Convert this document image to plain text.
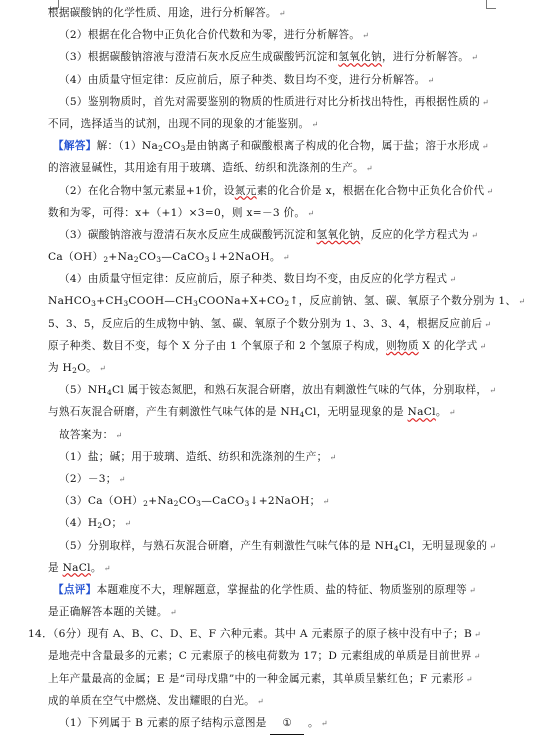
根据碳酸钠的化学性质、用途，进行分析解答。 ↵
（2）根据在化合物中正负化合价代数和为零，进行分析解答。 ↵
（3）根据碳酸钠溶液与澄清石灰水反应生成碳酸钙沉淀和氢氧化钠，进行分析解答。 ↵
（4）由质量守恒定律：反应前后，原子种类、数目均不变，进行分析解答。 ↵
（5）鉴别物质时，首先对需要鉴别的物质的性质进行对比分析找出特性，再根据性质的 ↵
不同，选择适当的试剂，出现不同的现象的才能鉴别。 ↵
【解答】解：$(1)Na_2CO_3$是由钠离子和碳酸根离子构成的化合物，属于盐；溶于水形成 ↵
的溶液显碱性，其用途有用于玻璃、造纸、纺织和洗涤剂的生产。 ↵
（2）在化合物中氢元素显+1价，设氮元素的化合价是 x，根据在化合物中正负化合价代 ↵
数和为零，可得：x+（+1）×3=0，则 x=－3 价。 ↵
（3）碳酸钠溶液与澄清石灰水反应生成碳酸钙沉淀和氢氧化钠，反应的化学方程式为 ↵
$Ca(OH)_2+Na_2CO_3—CaCO_3↓+2NaOH$。 ↵
（4）由质量守恒定律：反应前后，原子种类、数目均不变，由反应的化学方程式 ↵
$NaHCO_3+CH_3COOH—CH_3COONa+X+CO_2↑$，反应前钠、氢、碳、氧原子个数分别为 1、 ↵
5、3、5，反应后的生成物中钠、氢、碳、氧原子个数分别为 1、3、3、4，根据反应前后 ↵
原子种类、数目不变，每个 X 分子由 1 个氧原子和 2 个氢原子构成，则物质 X 的化学式 ↵
为 $H_2O$。 ↵
$(5)NH_4Cl$ 属于铵态氮肥，和熟石灰混合研磨，放出有刺激性气味的气体，分别取样， ↵
与熟石灰混合研磨，产生有刺激性气味气体的是 $NH_4Cl$，无明显现象的是 NaCl。 ↵
故答案为： ↵
（1）盐；碱；用于玻璃、造纸、纺织和洗涤剂的生产； ↵
（2）－3； ↵
$(3)Ca(OH)_2+Na_2CO_3—CaCO_3↓+2NaOH$； ↵
$(4)H_2O$； ↵
（5）分别取样，与熟石灰混合研磨，产生有刺激性气味气体的是 $NH_4Cl$，无明显现象的 ↵
是 NaCl。 ↵
【点评】本题难度不大，理解题意，掌握盐的化学性质、盐的特征、物质鉴别的原理等 ↵
是正确解答本题的关键。 ↵
14．（6分）现有 A、B、C、D、E、F 六种元素。其中 A 元素原子的原子核中没有中子；B ↵
是地壳中含量最多的元素；C 元素原子的核电荷数为 17；D 元素组成的单质是目前世界 ↵
上年产量最高的金属；E 是“司母戊鼎”中的一种金属元素，其单质呈紫红色；F 元素形 ↵
成的单质在空气中燃烧、发出耀眼的白光。 ↵
（1）下列属于 B 元素的原子结构示意图是 ① 。 ↵
